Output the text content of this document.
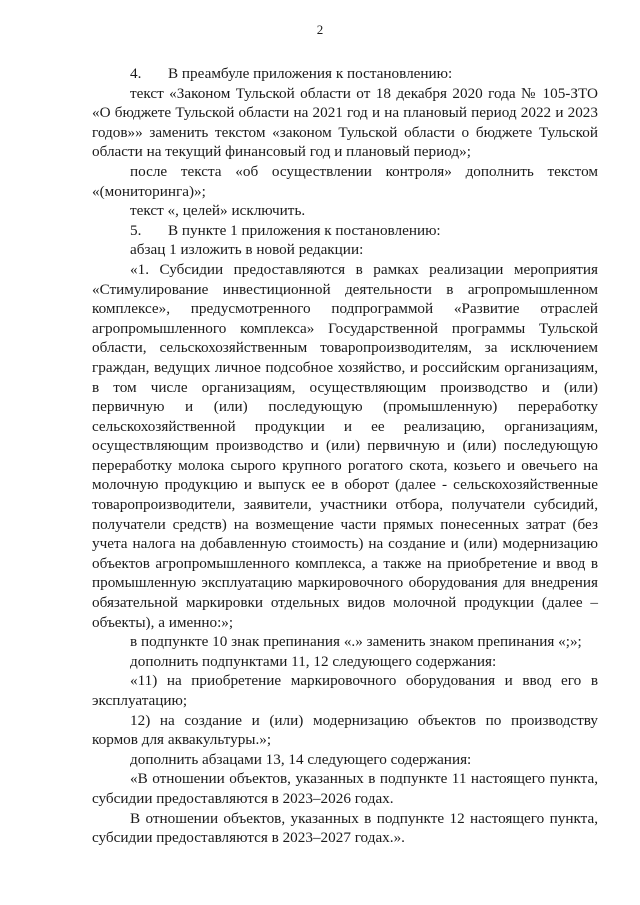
2

4. В преамбуле приложения к постановлению:

текст «Законом Тульской области от 18 декабря 2020 года № 105-ЗТО «О бюджете Тульской области на 2021 год и на плановый период 2022 и 2023 годов»» заменить текстом «законом Тульской области о бюджете Тульской области на текущий финансовый год и плановый период»;

после текста «об осуществлении контроля» дополнить текстом «(мониторинга)»;

текст «, целей» исключить.

5. В пункте 1 приложения к постановлению:

абзац 1 изложить в новой редакции:

«1. Субсидии предоставляются в рамках реализации мероприятия «Стимулирование инвестиционной деятельности в агропромышленном комплексе», предусмотренного подпрограммой «Развитие отраслей агропромышленного комплекса» Государственной программы Тульской области, сельскохозяйственным товаропроизводителям, за исключением граждан, ведущих личное подсобное хозяйство, и российским организациям, в том числе организациям, осуществляющим производство и (или) первичную и (или) последующую (промышленную) переработку сельскохозяйственной продукции и ее реализацию, организациям, осуществляющим производство и (или) первичную и (или) последующую переработку молока сырого крупного рогатого скота, козьего и овечьего на молочную продукцию и выпуск ее в оборот (далее - сельскохозяйственные товаропроизводители, заявители, участники отбора, получатели субсидий, получатели средств) на возмещение части прямых понесенных затрат (без учета налога на добавленную стоимость) на создание и (или) модернизацию объектов агропромышленного комплекса, а также на приобретение и ввод в промышленную эксплуатацию маркировочного оборудования для внедрения обязательной маркировки отдельных видов молочной продукции (далее – объекты), а именно:»;

в подпункте 10 знак препинания «.» заменить знаком препинания «;»;

дополнить подпунктами 11, 12 следующего содержания:

«11) на приобретение маркировочного оборудования и ввод его в эксплуатацию;

12) на создание и (или) модернизацию объектов по производству кормов для аквакультуры.»;

дополнить абзацами 13, 14 следующего содержания:

«В отношении объектов, указанных в подпункте 11 настоящего пункта, субсидии предоставляются в 2023–2026 годах.

В отношении объектов, указанных в подпункте 12 настоящего пункта, субсидии предоставляются в 2023–2027 годах.».
